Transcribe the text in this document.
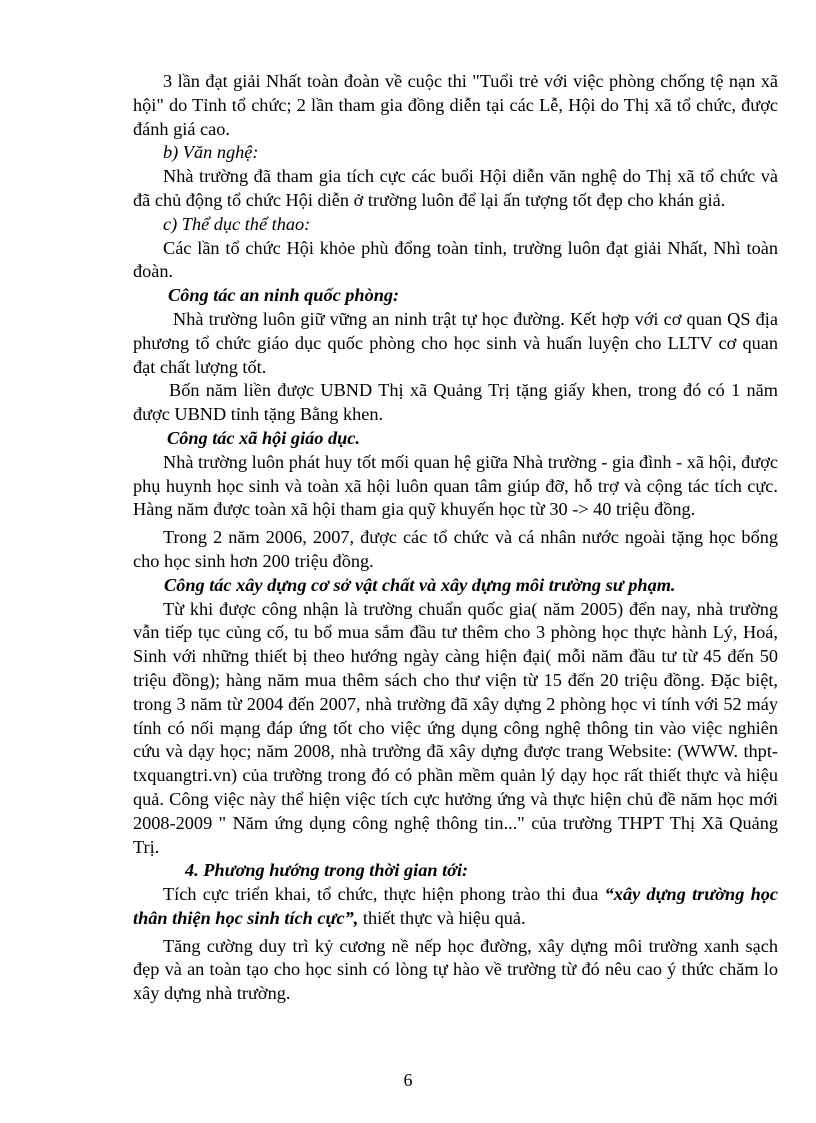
3 lần đạt giải Nhất toàn đoàn về cuộc thi "Tuổi trẻ với việc phòng chống tệ nạn xã hội" do Tỉnh tổ chức; 2 lần tham gia đồng diễn tại các Lễ, Hội do Thị xã tổ chức, được đánh giá cao.

b) Văn nghệ:

Nhà trường đã tham gia tích cực các buổi Hội diễn văn nghệ do Thị xã tổ chức và đã chủ động tổ chức Hội diễn ở trường luôn để lại ấn tượng tốt đẹp cho khán giả.

c) Thể dục thể thao:

Các lần tổ chức Hội khỏe phù đổng toàn tỉnh, trường luôn đạt giải Nhất, Nhì toàn đoàn.

Công tác an ninh quốc phòng:

Nhà trường luôn giữ vững an ninh trật tự học đường. Kết hợp với cơ quan QS địa phương tổ chức giáo dục quốc phòng cho học sinh và huấn luyện cho LLTV cơ quan đạt chất lượng tốt.

Bốn năm liền được UBND Thị xã Quảng Trị tặng giấy khen, trong đó có 1 năm được UBND tỉnh tặng Bằng khen.

Công tác xã hội giáo dục.

Nhà trường luôn phát huy tốt mối quan hệ giữa Nhà trường - gia đình - xã hội, được phụ huynh học sinh và toàn xã hội luôn quan tâm giúp đỡ, hỗ trợ và cộng tác tích cực. Hàng năm được toàn xã hội tham gia quỹ khuyến học từ 30 -> 40 triệu đồng.

Trong 2 năm 2006, 2007, được các tổ chức và cá nhân nước ngoài tặng học bổng cho học sinh hơn 200 triệu đồng.

Công tác xây dựng cơ sở vật chất và xây dựng môi trường sư phạm.

Từ khi được công nhận là trường chuẩn quốc gia( năm 2005) đến nay, nhà trường vẫn tiếp tục củng cố, tu bổ mua sắm đầu tư thêm cho 3 phòng học thực hành Lý, Hoá, Sinh với những thiết bị theo hướng ngày càng hiện đại( mỗi năm đầu tư từ 45 đến 50 triệu đồng); hàng năm mua thêm sách cho thư viện từ 15 đến 20 triệu đồng. Đặc biệt, trong 3 năm từ 2004 đến 2007, nhà trường đã xây dựng 2 phòng học vi tính với 52 máy tính có nối mạng đáp ứng tốt cho việc ứng dụng công nghệ thông tin vào việc nghiên cứu và dạy học; năm 2008, nhà trường đã xây dựng được trang Website: (WWW. thpt-txquangtri.vn) của trường trong đó có phần mềm quản lý dạy học rất thiết thực và hiệu quả. Công việc này thể hiện việc tích cực hưởng ứng và thực hiện chủ đề năm học mới 2008-2009 " Năm ứng dụng công nghệ thông tin..." của trường THPT Thị Xã Quảng Trị.

4. Phương hướng trong thời gian tới:

Tích cực triển khai, tổ chức, thực hiện phong trào thi đua “xây dựng trường học thân thiện học sinh tích cực”, thiết thực và hiệu quả.

Tăng cường duy trì kỷ cương nề nếp học đường, xây dựng môi trường xanh sạch đẹp và an toàn tạo cho học sinh có lòng tự hào về trường từ đó nêu cao ý thức chăm lo xây dựng nhà trường.

6
